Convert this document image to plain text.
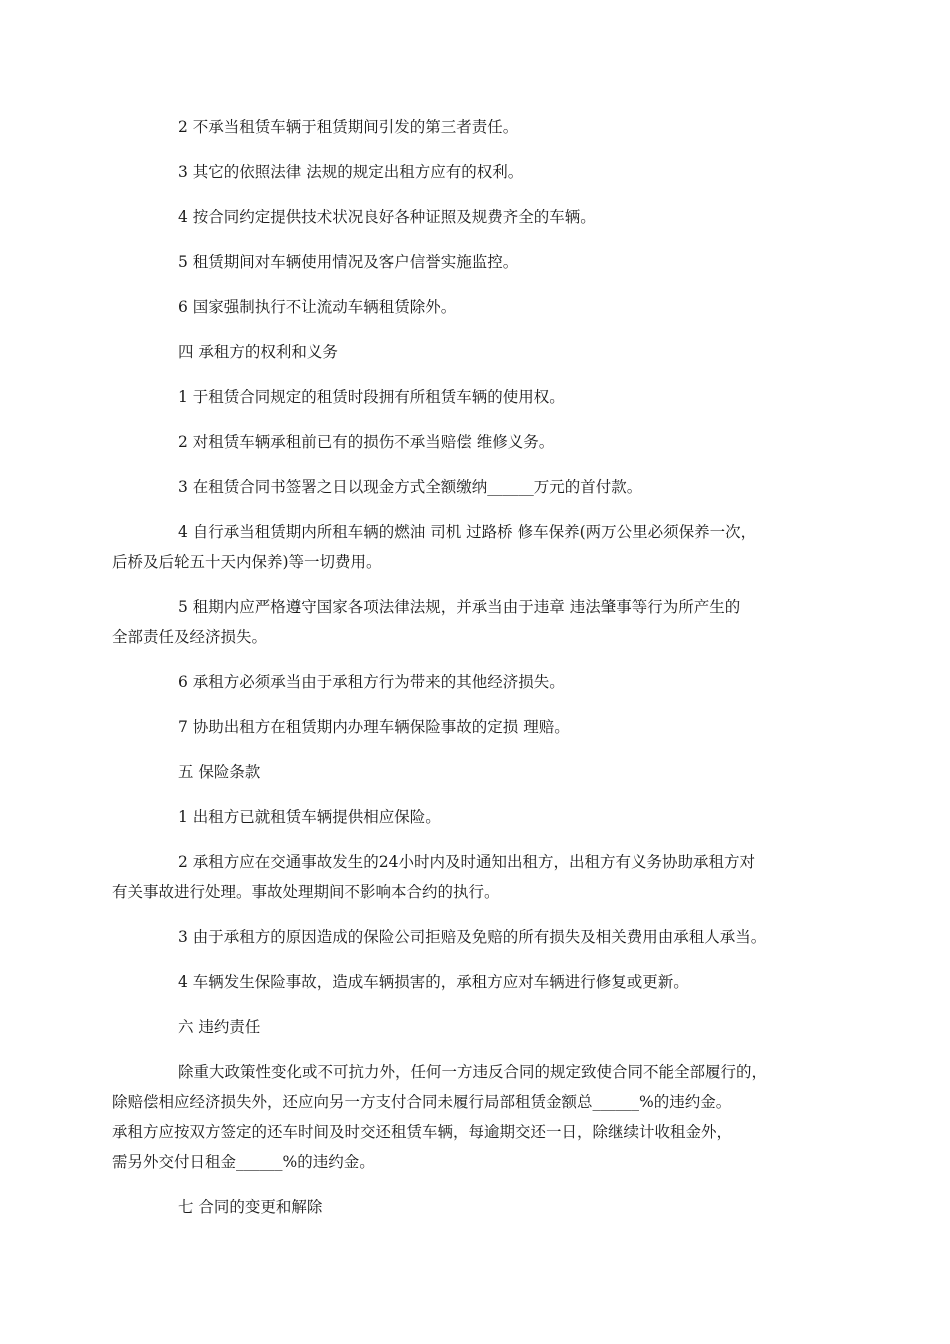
2 不承当租赁车辆于租赁期间引发的第三者责任。

3 其它的依照法律 法规的规定出租方应有的权利。

4 按合同约定提供技术状况良好各种证照及规费齐全的车辆。

5 租赁期间对车辆使用情况及客户信誉实施监控。

6 国家强制执行不让流动车辆租赁除外。

四 承租方的权利和义务

1 于租赁合同规定的租赁时段拥有所租赁车辆的使用权。

2 对租赁车辆承租前已有的损伤不承当赔偿 维修义务。

3 在租赁合同书签署之日以现金方式全额缴纳______万元的首付款。

4 自行承当租赁期内所租车辆的燃油 司机 过路桥 修车保养(两万公里必须保养一次，
后桥及后轮五十天内保养)等一切费用。

5 租期内应严格遵守国家各项法律法规，并承当由于违章 违法肇事等行为所产生的
全部责任及经济损失。

6 承租方必须承当由于承租方行为带来的其他经济损失。

7 协助出租方在租赁期内办理车辆保险事故的定损 理赔。

五 保险条款

1 出租方已就租赁车辆提供相应保险。

2 承租方应在交通事故发生的24小时内及时通知出租方，出租方有义务协助承租方对
有关事故进行处理。事故处理期间不影响本合约的执行。

3 由于承租方的原因造成的保险公司拒赔及免赔的所有损失及相关费用由承租人承当。

4 车辆发生保险事故，造成车辆损害的，承租方应对车辆进行修复或更新。

六 违约责任

除重大政策性变化或不可抗力外，任何一方违反合同的规定致使合同不能全部履行的，
除赔偿相应经济损失外，还应向另一方支付合同未履行局部租赁金额总______%的违约金。
承租方应按双方签定的还车时间及时交还租赁车辆，每逾期交还一日，除继续计收租金外，
需另外交付日租金______%的违约金。

七 合同的变更和解除
